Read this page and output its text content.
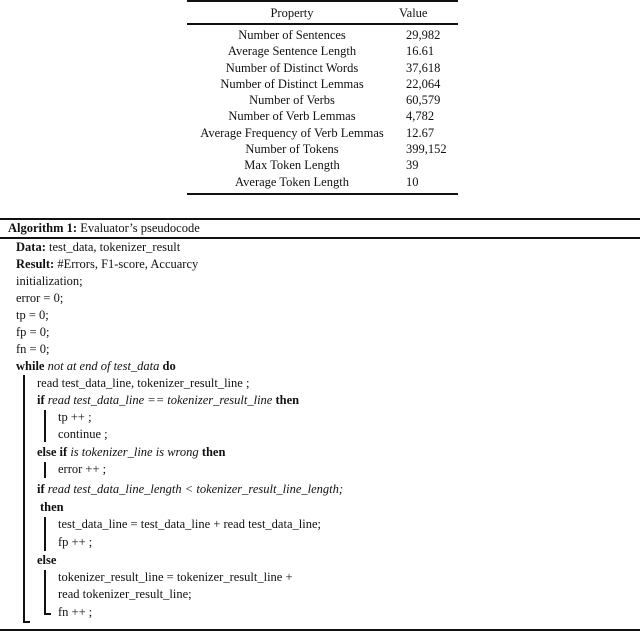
Property	Value
Number of Sentences	29,982
Average Sentence Length	16.61
Number of Distinct Words	37,618
Number of Distinct Lemmas	22,064
Number of Verbs	60,579
Number of Verb Lemmas	4,782
Average Frequency of Verb Lemmas	12.67
Number of Tokens	399,152
Max Token Length	39
Average Token Length	10
Algorithm 1: Evaluator’s pseudocode
Data: test_data, tokenizer_result
Result: #Errors, F1-score, Accuarcy
initialization;
error = 0;
tp = 0;
fp = 0;
fn = 0;
while not at end of test_data do
read test_data_line, tokenizer_result_line ;
if read test_data_line == tokenizer_result_line then
tp ++ ;
continue ;
else if is tokenizer_line is wrong then
error ++ ;
if read test_data_line_length < tokenizer_result_line_length;
then
test_data_line = test_data_line + read test_data_line;
fp ++ ;
else
tokenizer_result_line = tokenizer_result_line +
read tokenizer_result_line;
fn ++ ;
